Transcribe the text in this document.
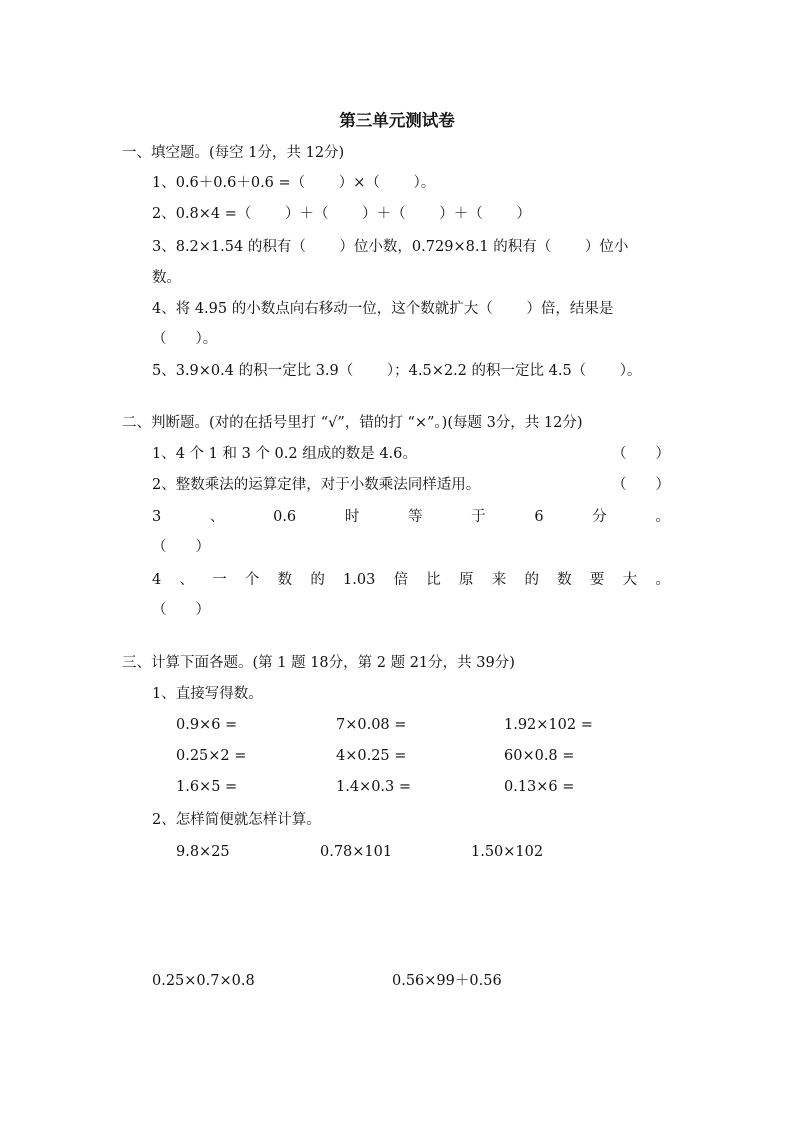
第三单元测试卷
一、填空题。(每空 1分，共 12分)
1、0.6＋0.6＋0.6 =（　　 ）×（　　 ）。
2、0.8×4 =（　　 ）＋（　　 ）＋（　　 ）＋（　　 ）
3、8.2×1.54 的积有（　　 ）位小数，0.729×8.1 的积有（　　 ）位小
数。
4、将 4.95 的小数点向右移动一位，这个数就扩大（　　 ）倍，结果是
（　　）。
5、3.9×0.4 的积一定比 3.9（　　 ）；4.5×2.2 的积一定比 4.5（　　 ）。
二、判断题。(对的在括号里打 “√”，错的打 “×”。)(每题 3分，共 12分)
1、4 个 1 和 3 个 0.2 组成的数是 4.6。	（　　）
2、整数乘法的运算定律，对于小数乘法同样适用。	（　　）
3	、	0.6	时	等	于	6	分	。
（　　）
4 、 一 个 数 的 1.03 倍 比 原 来 的 数 要 大 。
（　　）
三、计算下面各题。(第 1 题 18分，第 2 题 21分，共 39分)
1、直接写得数。
0.9×6 =	7×0.08 =	1.92×102 =
0.25×2 =	4×0.25 =	60×0.8 =
1.6×5 =	1.4×0.3 =	0.13×6 =
2、怎样简便就怎样计算。
9.8×25	0.78×101	1.50×102
0.25×0.7×0.8	0.56×99＋0.56
